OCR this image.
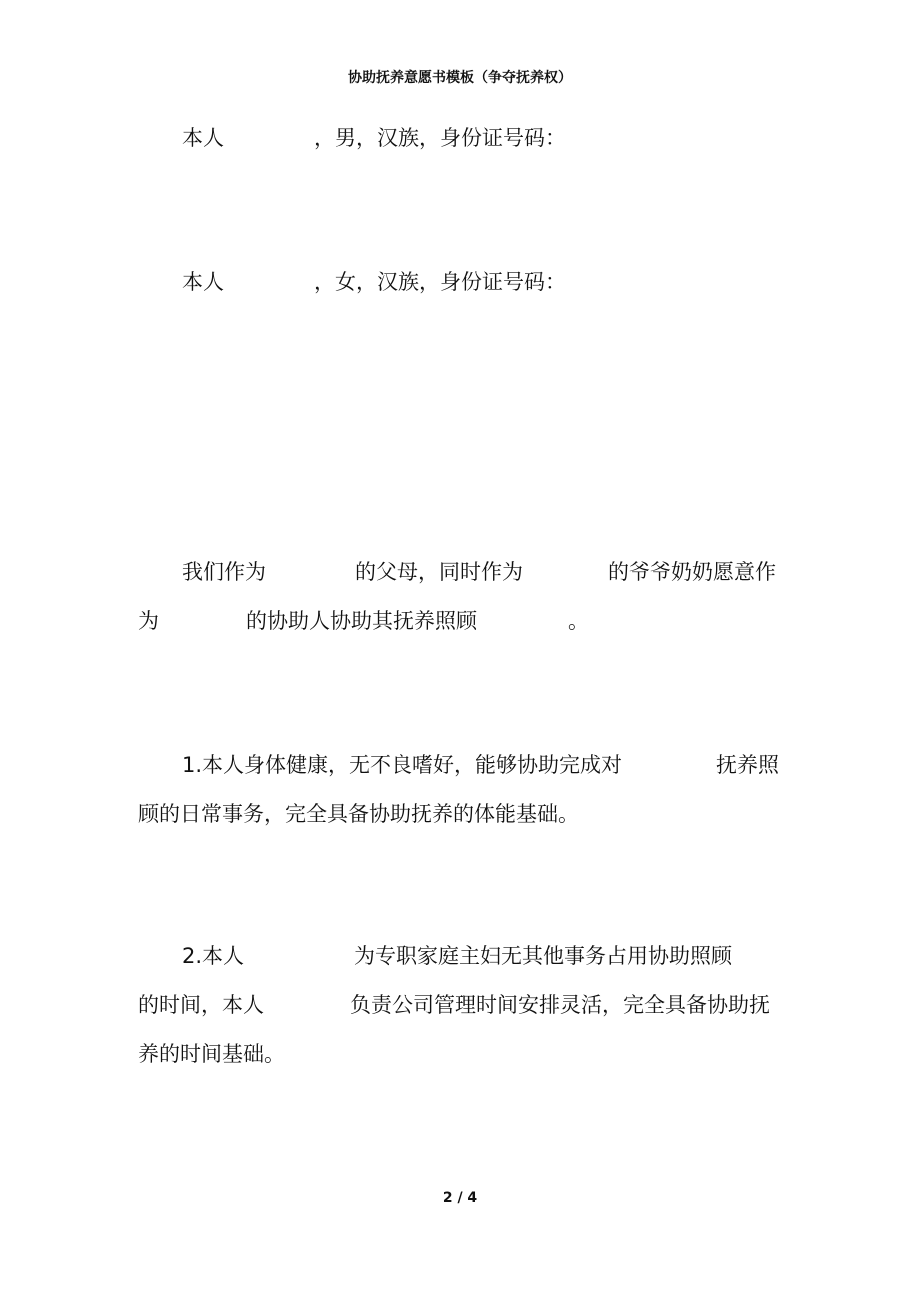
协助抚养意愿书模板（争夺抚养权）
本人	，男，汉族，身份证号码：
本人	，女，汉族，身份证号码：
我们作为	的父母，同时作为	的爷爷奶奶愿意作
为	的协助人协助其抚养照顾	。
1.本人身体健康，无不良嗜好，能够协助完成对	抚养照
顾的日常事务，完全具备协助抚养的体能基础。
2.本人	为专职家庭主妇无其他事务占用协助照顾
的时间，本人	负责公司管理时间安排灵活，完全具备协助抚
养的时间基础。
2 / 4
